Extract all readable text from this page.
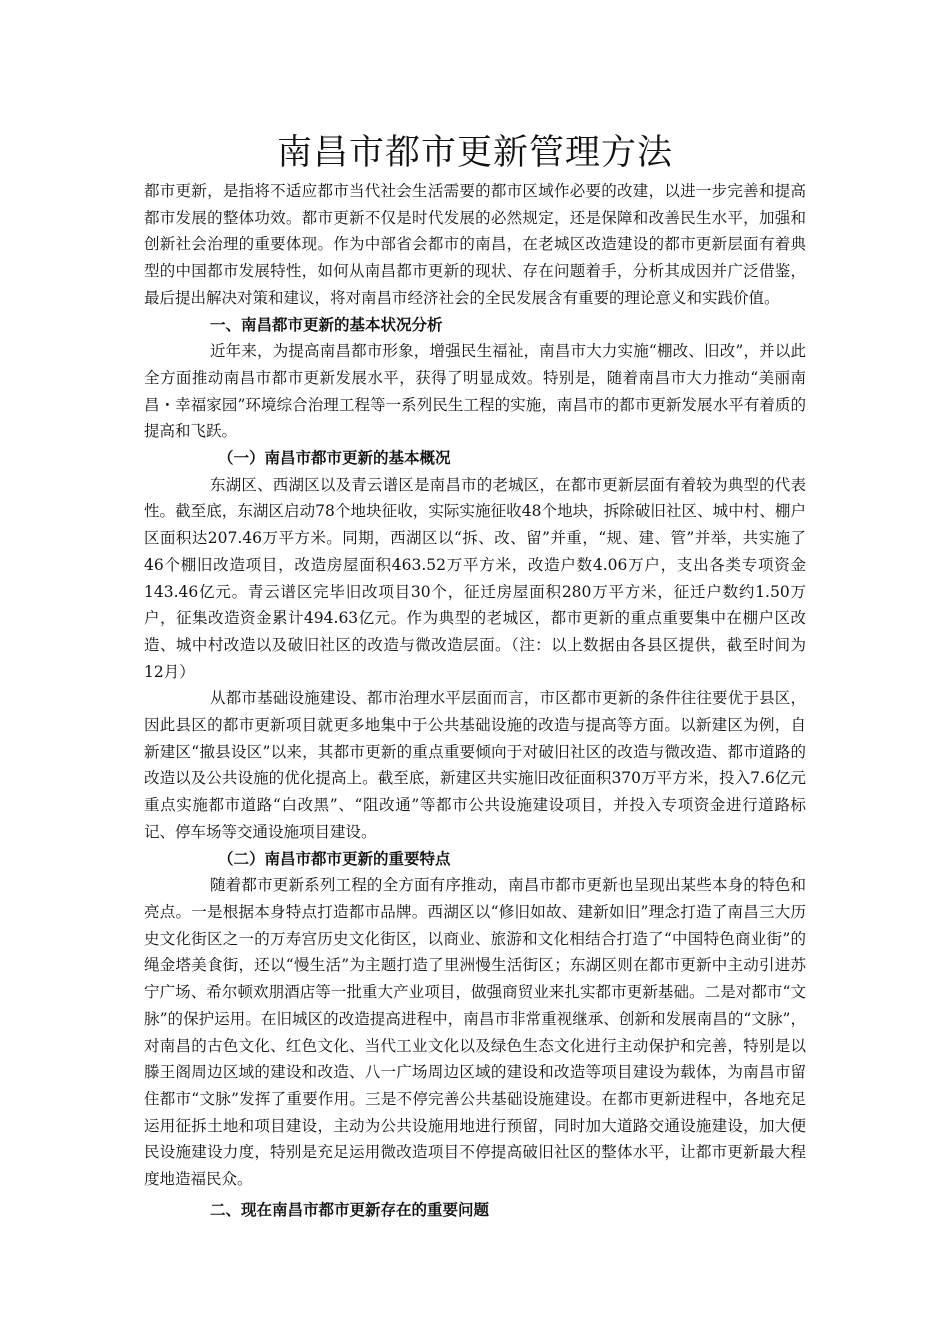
南昌市都市更新管理方法

都市更新，是指将不适应都市当代社会生活需要的都市区域作必要的改建，以进一步完善和提高都市发展的整体功效。都市更新不仅是时代发展的必然规定，还是保障和改善民生水平，加强和创新社会治理的重要体现。作为中部省会都市的南昌，在老城区改造建设的都市更新层面有着典型的中国都市发展特性，如何从南昌都市更新的现状、存在问题着手，分析其成因并广泛借鉴，最后提出解决对策和建议，将对南昌市经济社会的全民发展含有重要的理论意义和实践价值。

一、南昌都市更新的基本状况分析

近年来，为提高南昌都市形象，增强民生福祉，南昌市大力实施“棚改、旧改”，并以此全方面推动南昌市都市更新发展水平，获得了明显成效。特别是，随着南昌市大力推动“美丽南昌・幸福家园”环境综合治理工程等一系列民生工程的实施，南昌市的都市更新发展水平有着质的提高和飞跃。

（一）南昌市都市更新的基本概况

东湖区、西湖区以及青云谱区是南昌市的老城区，在都市更新层面有着较为典型的代表性。截至底，东湖区启动78个地块征收，实际实施征收48个地块，拆除破旧社区、城中村、棚户区面积达207.46万平方米。同期，西湖区以“拆、改、留”并重，“规、建、管”并举，共实施了46个棚旧改造项目，改造房屋面积463.52万平方米，改造户数4.06万户，支出各类专项资金143.46亿元。青云谱区完毕旧改项目30个，征迁房屋面积280万平方米，征迁户数约1.50万户，征集改造资金累计494.63亿元。作为典型的老城区，都市更新的重点重要集中在棚户区改造、城中村改造以及破旧社区的改造与微改造层面。（注：以上数据由各县区提供，截至时间为12月）

从都市基础设施建设、都市治理水平层面而言，市区都市更新的条件往往要优于县区，因此县区的都市更新项目就更多地集中于公共基础设施的改造与提高等方面。以新建区为例，自新建区“撤县设区”以来，其都市更新的重点重要倾向于对破旧社区的改造与微改造、都市道路的改造以及公共设施的优化提高上。截至底，新建区共实施旧改征面积370万平方米，投入7.6亿元重点实施都市道路“白改黑”、“阻改通”等都市公共设施建设项目，并投入专项资金进行道路标记、停车场等交通设施项目建设。

（二）南昌市都市更新的重要特点

随着都市更新系列工程的全方面有序推动，南昌市都市更新也呈现出某些本身的特色和亮点。一是根据本身特点打造都市品牌。西湖区以“修旧如故、建新如旧”理念打造了南昌三大历史文化街区之一的万寿宫历史文化街区，以商业、旅游和文化相结合打造了“中国特色商业街”的绳金塔美食街，还以“慢生活”为主题打造了里洲慢生活街区；东湖区则在都市更新中主动引进苏宁广场、希尔顿欢朋酒店等一批重大产业项目，做强商贸业来扎实都市更新基础。二是对都市“文脉”的保护运用。在旧城区的改造提高进程中，南昌市非常重视继承、创新和发展南昌的“文脉”，对南昌的古色文化、红色文化、当代工业文化以及绿色生态文化进行主动保护和完善，特别是以滕王阁周边区域的建设和改造、八一广场周边区域的建设和改造等项目建设为载体，为南昌市留住都市“文脉”发挥了重要作用。三是不停完善公共基础设施建设。在都市更新进程中，各地充足运用征拆土地和项目建设，主动为公共设施用地进行预留，同时加大道路交通设施建设，加大便民设施建设力度，特别是充足运用微改造项目不停提高破旧社区的整体水平，让都市更新最大程度地造福民众。

二、现在南昌市都市更新存在的重要问题
